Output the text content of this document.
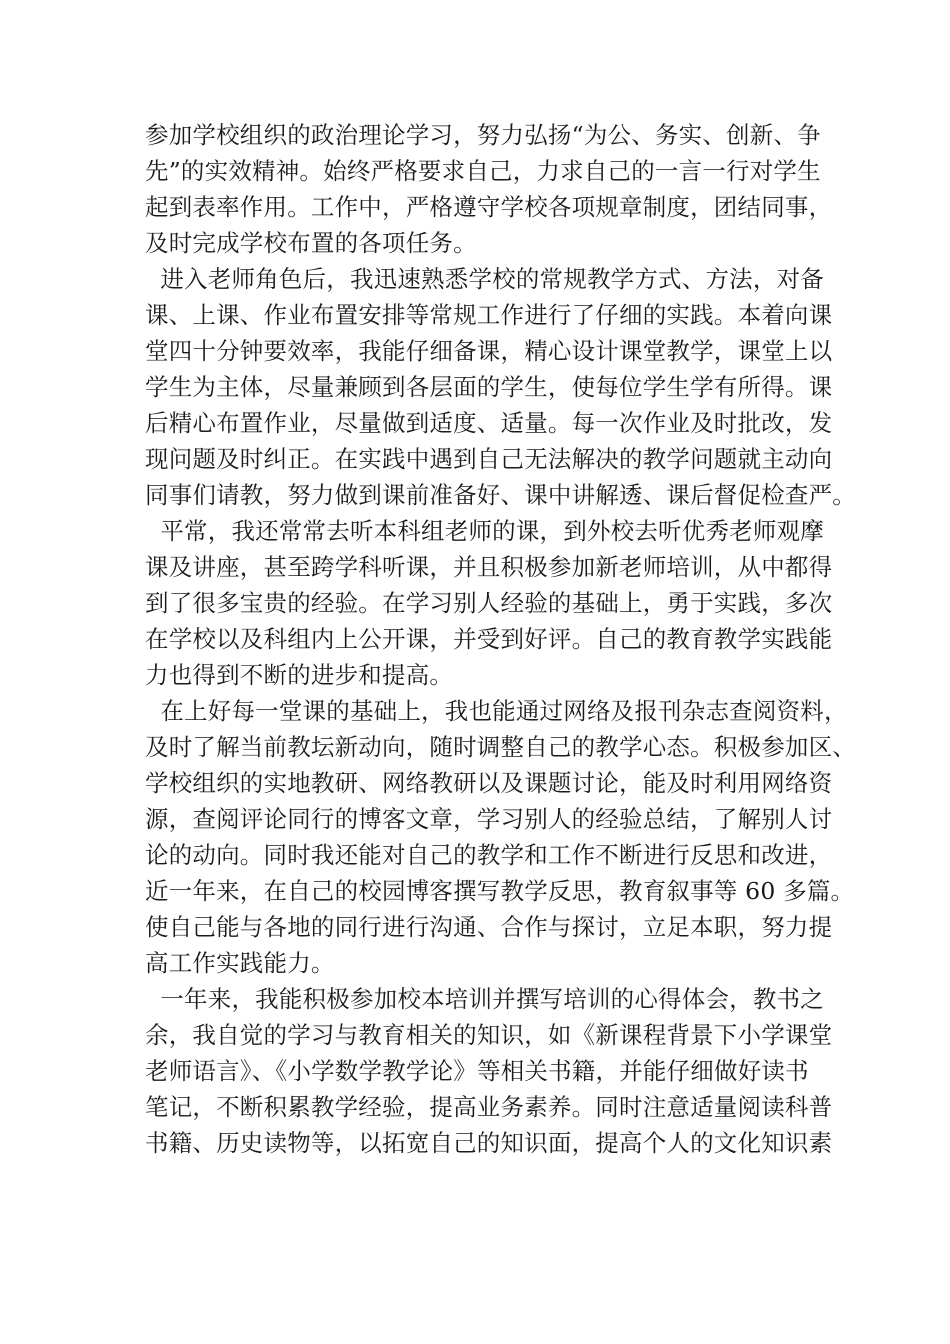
参加学校组织的政治理论学习，努力弘扬“为公、务实、创新、争
先”的实效精神。始终严格要求自己，力求自己的一言一行对学生
起到表率作用。工作中，严格遵守学校各项规章制度，团结同事，
及时完成学校布置的各项任务。
进入老师角色后，我迅速熟悉学校的常规教学方式、方法，对备
课、上课、作业布置安排等常规工作进行了仔细的实践。本着向课
堂四十分钟要效率，我能仔细备课，精心设计课堂教学，课堂上以
学生为主体，尽量兼顾到各层面的学生，使每位学生学有所得。课
后精心布置作业，尽量做到适度、适量。每一次作业及时批改，发
现问题及时纠正。在实践中遇到自己无法解决的教学问题就主动向
同事们请教，努力做到课前准备好、课中讲解透、课后督促检查严。
平常，我还常常去听本科组老师的课，到外校去听优秀老师观摩
课及讲座，甚至跨学科听课，并且积极参加新老师培训，从中都得
到了很多宝贵的经验。在学习别人经验的基础上，勇于实践，多次
在学校以及科组内上公开课，并受到好评。自己的教育教学实践能
力也得到不断的进步和提高。
在上好每一堂课的基础上，我也能通过网络及报刊杂志查阅资料，
及时了解当前教坛新动向，随时调整自己的教学心态。积极参加区、
学校组织的实地教研、网络教研以及课题讨论，能及时利用网络资
源，查阅评论同行的博客文章，学习别人的经验总结，了解别人讨
论的动向。同时我还能对自己的教学和工作不断进行反思和改进，
近一年来，在自己的校园博客撰写教学反思，教育叙事等 60 多篇。
使自己能与各地的同行进行沟通、合作与探讨，立足本职，努力提
高工作实践能力。
一年来，我能积极参加校本培训并撰写培训的心得体会，教书之
余，我自觉的学习与教育相关的知识，如《新课程背景下小学课堂
老师语言》、《小学数学教学论》等相关书籍，并能仔细做好读书
笔记，不断积累教学经验，提高业务素养。同时注意适量阅读科普
书籍、历史读物等，以拓宽自己的知识面，提高个人的文化知识素
